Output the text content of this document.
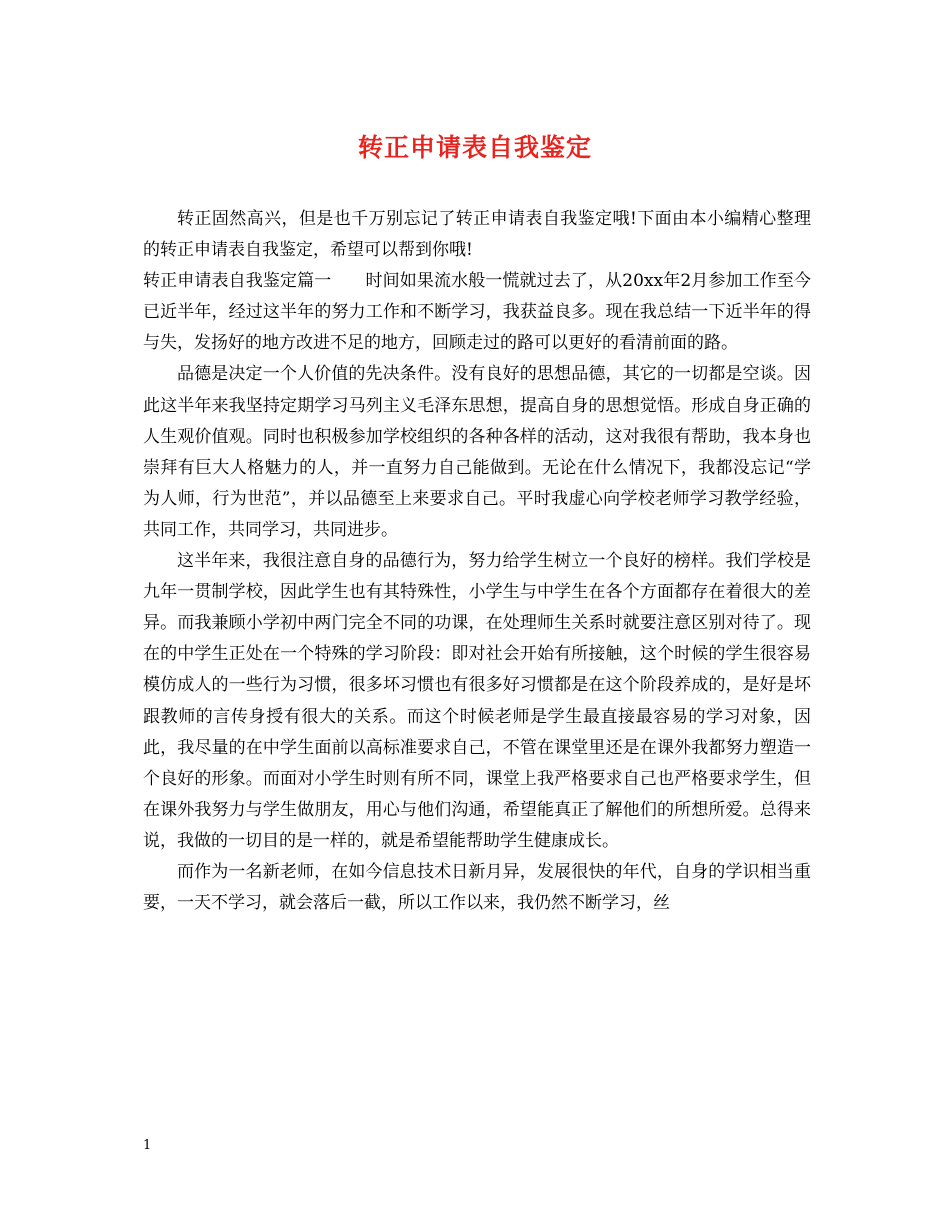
转正申请表自我鉴定

转正固然高兴，但是也千万别忘记了转正申请表自我鉴定哦!下面由本小编精心整理的转正申请表自我鉴定，希望可以帮到你哦!

转正申请表自我鉴定篇一 时间如果流水般一慌就过去了，从20xx年2月参加工作至今已近半年，经过这半年的努力工作和不断学习，我获益良多。现在我总结一下近半年的得与失，发扬好的地方改进不足的地方，回顾走过的路可以更好的看清前面的路。

品德是决定一个人价值的先决条件。没有良好的思想品德，其它的一切都是空谈。因此这半年来我坚持定期学习马列主义毛泽东思想，提高自身的思想觉悟。形成自身正确的人生观价值观。同时也积极参加学校组织的各种各样的活动，这对我很有帮助，我本身也崇拜有巨大人格魅力的人，并一直努力自己能做到。无论在什么情况下，我都没忘记“学为人师，行为世范”，并以品德至上来要求自己。平时我虚心向学校老师学习教学经验，共同工作，共同学习，共同进步。

这半年来，我很注意自身的品德行为，努力给学生树立一个良好的榜样。我们学校是九年一贯制学校，因此学生也有其特殊性，小学生与中学生在各个方面都存在着很大的差异。而我兼顾小学初中两门完全不同的功课，在处理师生关系时就要注意区别对待了。现在的中学生正处在一个特殊的学习阶段：即对社会开始有所接触，这个时候的学生很容易模仿成人的一些行为习惯，很多坏习惯也有很多好习惯都是在这个阶段养成的，是好是坏跟教师的言传身授有很大的关系。而这个时候老师是学生最直接最容易的学习对象，因此，我尽量的在中学生面前以高标准要求自己，不管在课堂里还是在课外我都努力塑造一个良好的形象。而面对小学生时则有所不同，课堂上我严格要求自己也严格要求学生，但在课外我努力与学生做朋友，用心与他们沟通，希望能真正了解他们的所想所爱。总得来说，我做的一切目的是一样的，就是希望能帮助学生健康成长。

而作为一名新老师，在如今信息技术日新月异，发展很快的年代，自身的学识相当重要，一天不学习，就会落后一截，所以工作以来，我仍然不断学习，丝

1
